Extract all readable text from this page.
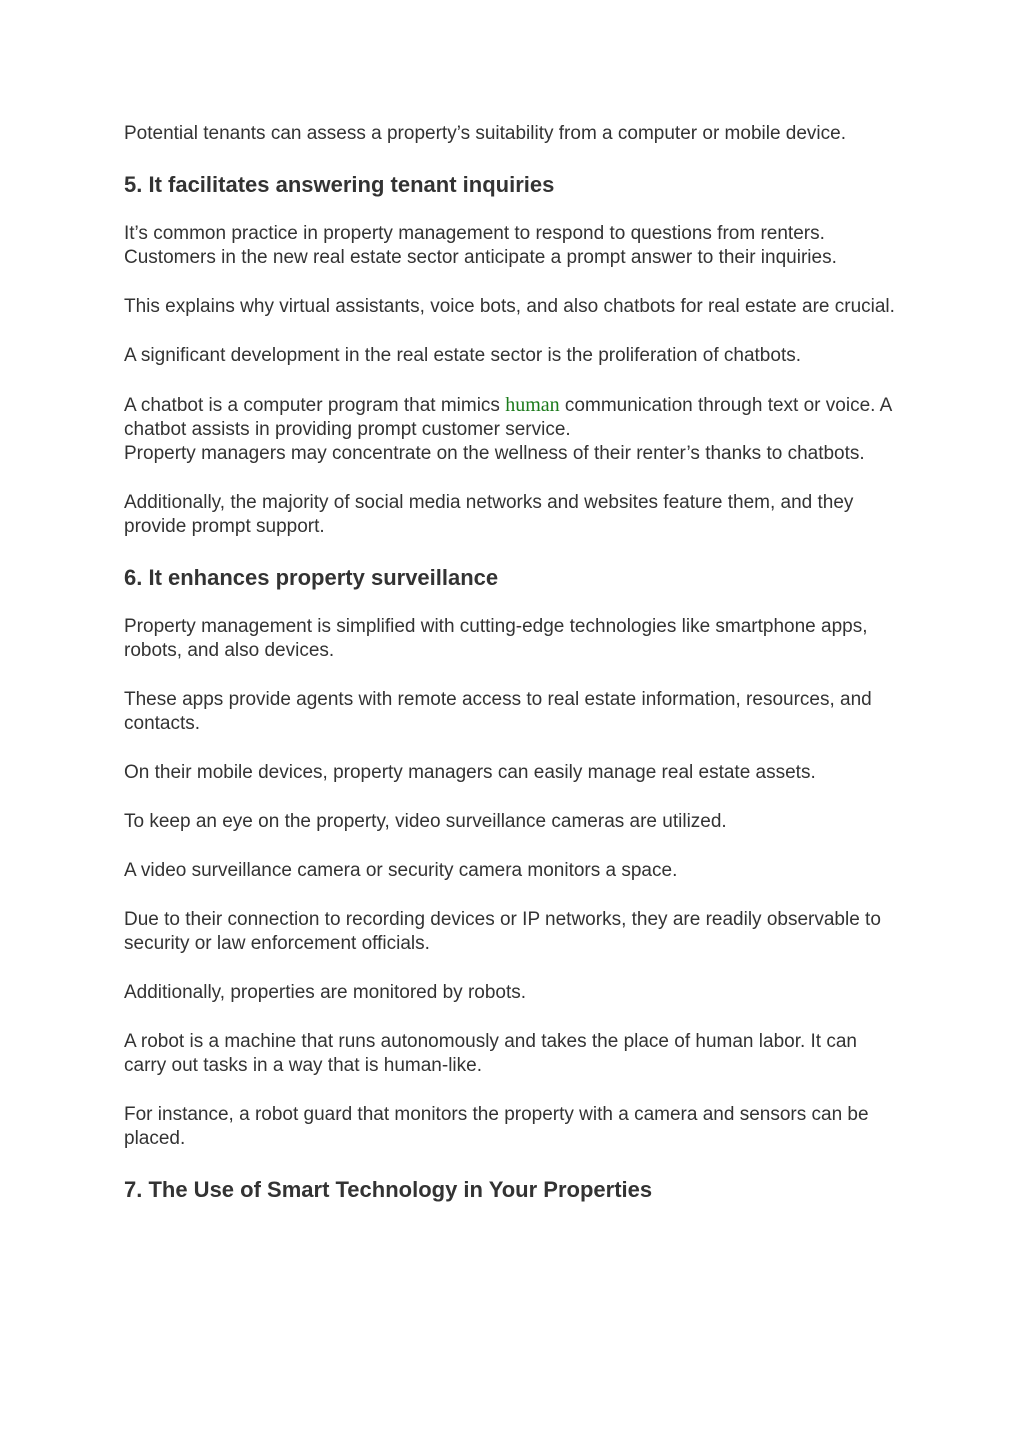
Potential tenants can assess a property’s suitability from a computer or mobile device.

5. It facilitates answering tenant inquiries

It’s common practice in property management to respond to questions from renters. Customers in the new real estate sector anticipate a prompt answer to their inquiries.

This explains why virtual assistants, voice bots, and also chatbots for real estate are crucial.

A significant development in the real estate sector is the proliferation of chatbots.

A chatbot is a computer program that mimics human communication through text or voice. A chatbot assists in providing prompt customer service.

Property managers may concentrate on the wellness of their renter’s thanks to chatbots.

Additionally, the majority of social media networks and websites feature them, and they provide prompt support.

6. It enhances property surveillance

Property management is simplified with cutting-edge technologies like smartphone apps, robots, and also devices.

These apps provide agents with remote access to real estate information, resources, and contacts.

On their mobile devices, property managers can easily manage real estate assets.

To keep an eye on the property, video surveillance cameras are utilized.

A video surveillance camera or security camera monitors a space.

Due to their connection to recording devices or IP networks, they are readily observable to security or law enforcement officials.

Additionally, properties are monitored by robots.

A robot is a machine that runs autonomously and takes the place of human labor. It can carry out tasks in a way that is human-like.

For instance, a robot guard that monitors the property with a camera and sensors can be placed.

7. The Use of Smart Technology in Your Properties
